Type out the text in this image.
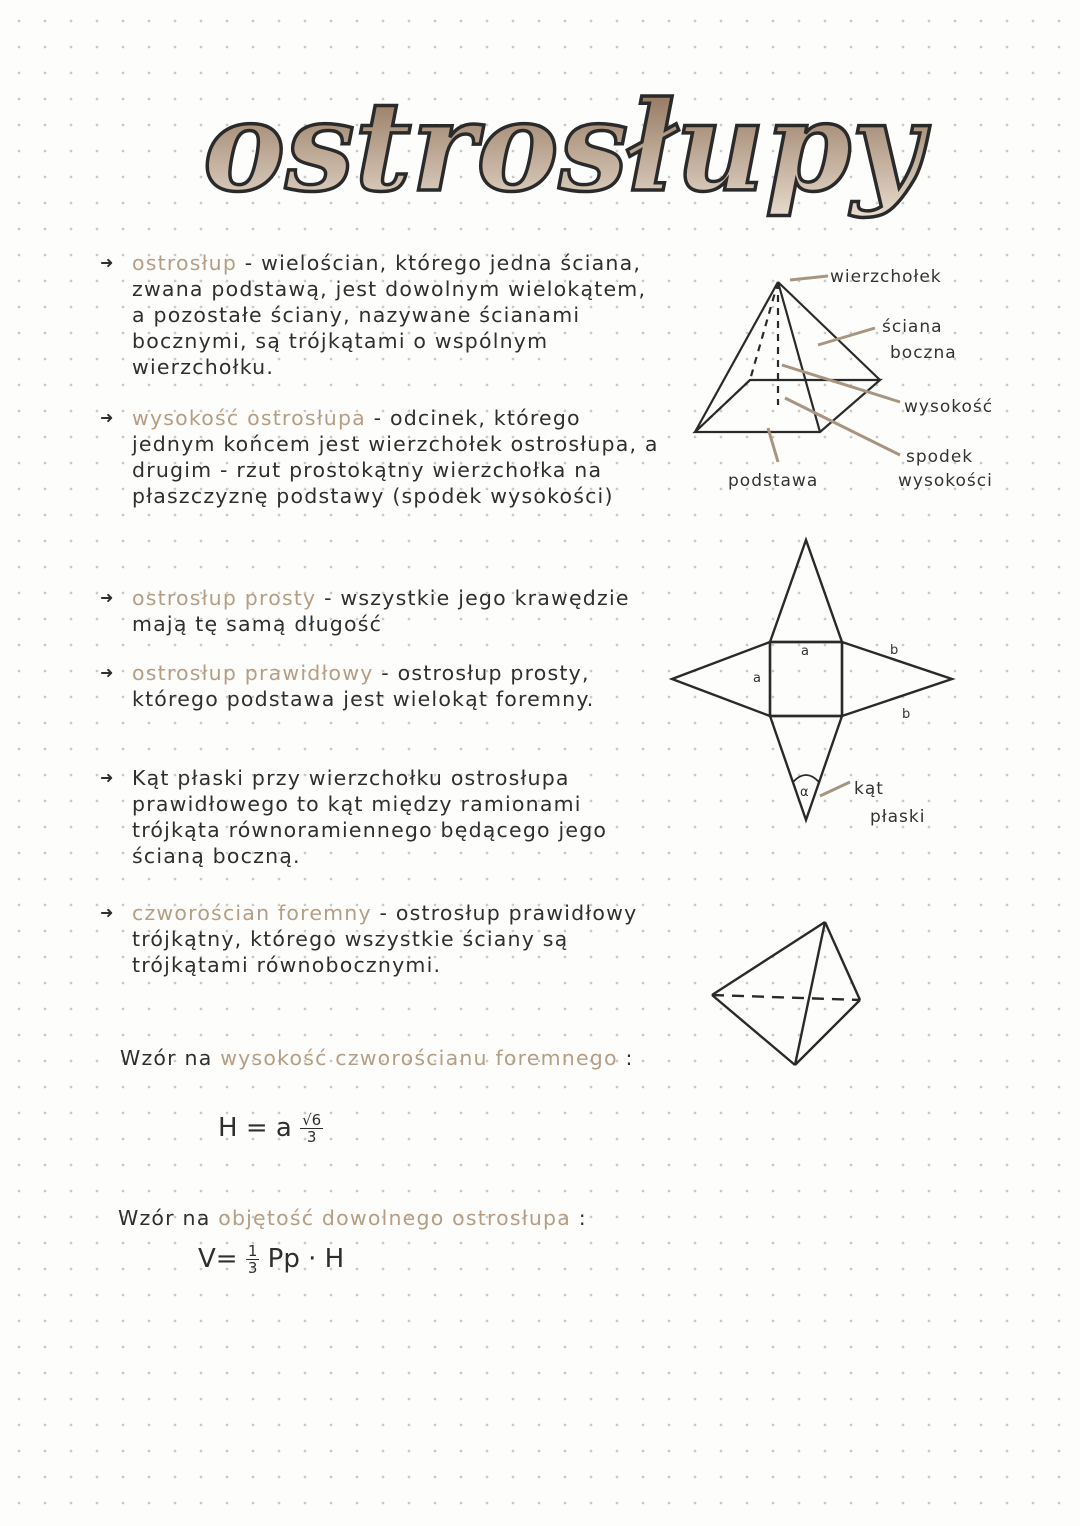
ostrosłupy
➜ ostrosłup - wielościan, którego jedna ściana, zwana podstawą, jest dowolnym wielokątem, a pozostałe ściany, nazywane ścianami bocznymi, są trójkątami o wspólnym wierzchołku.

➜ wysokość ostrosłupa - odcinek, którego jednym końcem jest wierzchołek ostrosłupa, a drugim - rzut prostokątny wierzchołka na płaszczyznę podstawy (spodek wysokości)

➜ ostrosłup prosty - wszystkie jego krawędzie mają tę samą długość

➜ ostrosłup prawidłowy - ostrosłup prosty, którego podstawa jest wielokąt foremny.

➜ Kąt płaski przy wierzchołku ostrosłupa prawidłowego to kąt między ramionami trójkąta równoramiennego będącego jego ścianą boczną.

➜ czworościan foremny - ostrosłup prawidłowy trójkątny, którego wszystkie ściany są trójkątami równobocznymi.

Wzór na wysokość czworościanu foremnego :
H = a $\frac{√6}{3}$
Wzór na objętość dowolnego ostrosłupa :
$V= \frac{1}{3}$ Pp · H
wierzchołek
ściana
boczna
wysokość
podstawa
spodek
wysokości
a
a
b
b
α	kąt
płaski
